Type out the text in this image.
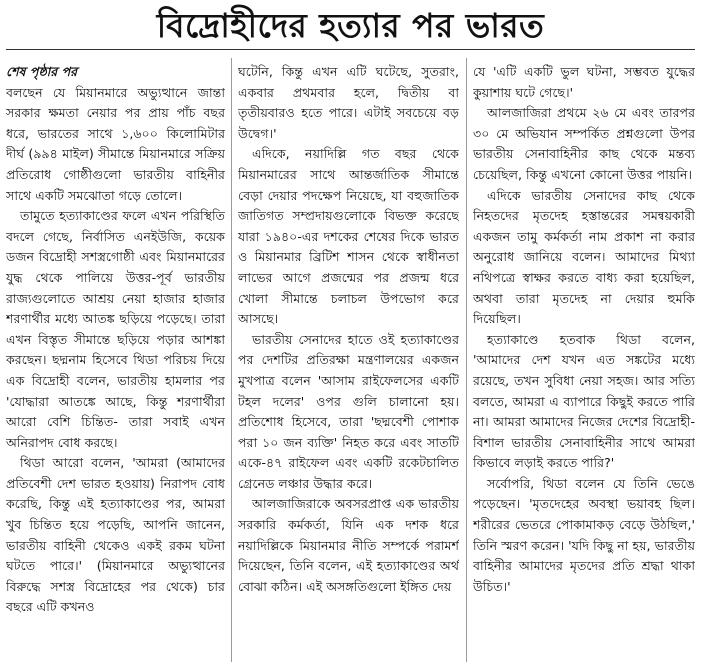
বিদ্রোহীদের হত্যার পর ভারত
শেষ পৃষ্ঠার পর

বলছেন যে মিয়ানমারে অভ্যুত্থানে জান্তা সরকার ক্ষমতা নেয়ার পর প্রায় পাঁচ বছর ধরে, ভারতের সাথে ১,৬০০ কিলোমিটার দীর্ঘ (৯৯৪ মাইল) সীমান্তে মিয়ানমারে সক্রিয় প্রতিরোধ গোষ্ঠীগুলো ভারতীয় বাহিনীর সাথে একটি সমঝোতা গড়ে তোলে।

তামুতে হত্যাকাণ্ডের ফলে এখন পরিস্থিতি বদলে গেছে, নির্বাসিত এনইউজি, কয়েক ডজন বিদ্রোহী সশস্ত্রগোষ্ঠী এবং মিয়ানমারের যুদ্ধ থেকে পালিয়ে উত্তর-পূর্ব ভারতীয় রাজ্যগুলোতে আশ্রয় নেয়া হাজার হাজার শরণার্থীর মধ্যে আতঙ্ক ছড়িয়ে পড়েছে। তারা এখন বিস্তৃত সীমান্তে ছড়িয়ে পড়ার আশঙ্কা করছেন। ছদ্মনাম হিসেবে থিডা পরিচয় দিয়ে এক বিদ্রোহী বলেন, ভারতীয় হামলার পর 'যোদ্ধারা আতঙ্কে আছে, কিন্তু শরণার্থীরা আরো বেশি চিন্তিত- তারা সবাই এখন অনিরাপদ বোধ করছে।

থিডা আরো বলেন, 'আমরা (আমাদের প্রতিবেশী দেশ ভারত হওয়ায়) নিরাপদ বোধ করেছি, কিন্তু এই হত্যাকাণ্ডের পর, আমরা খুব চিন্তিত হয়ে পড়েছি, আপনি জানেন, ভারতীয় বাহিনী থেকেও একই রকম ঘটনা ঘটতে পারে।' (মিয়ানমারে অভ্যুত্থানের বিরুদ্ধে সশস্ত্র বিদ্রোহের পর থেকে) চার বছরে এটি কখনও

ঘটেনি, কিন্তু এখন এটি ঘটেছে, সুতরাং, একবার প্রথমবার হলে, দ্বিতীয় বা তৃতীয়বারও হতে পারে। এটাই সবচেয়ে বড় উদ্বেগ।'

এদিকে, নয়াদিল্লি গত বছর থেকে মিয়ানমারের সাথে আন্তর্জাতিক সীমান্তে বেড়া দেয়ার পদক্ষেপ নিয়েছে, যা বহুজাতিক জাতিগত সম্প্রদায়গুলোকে বিভক্ত করেছে যারা ১৯৪০-এর দশকের শেষের দিকে ভারত ও মিয়ানমার ব্রিটিশ শাসন থেকে স্বাধীনতা লাভের আগে প্রজন্মের পর প্রজন্ম ধরে খোলা সীমান্তে চলাচল উপভোগ করে আসছে।

ভারতীয় সেনাদের হাতে ওই হত্যাকাণ্ডের পর দেশটির প্রতিরক্ষা মন্ত্রণালয়ের একজন মুখপাত্র বলেন 'আসাম রাইফেলসের একটি টহল দলের' ওপর গুলি চালানো হয়। প্রতিশোধ হিসেবে, তারা 'ছদ্মবেশী পোশাক পরা ১০ জন ব্যক্তি' নিহত করে এবং সাতটি একে-৪৭ রাইফেল এবং একটি রকেটচালিত গ্রেনেড লঞ্চার উদ্ধার করে।

আলজাজিরাকে অবসরপ্রাপ্ত এক ভারতীয় সরকারি কর্মকর্তা, যিনি এক দশক ধরে নয়াদিল্লিকে মিয়ানমার নীতি সম্পর্কে পরামর্শ দিয়েছেন, তিনি বলেন, এই হত্যাকাণ্ডের অর্থ বোঝা কঠিন। এই অসঙ্গতিগুলো ইঙ্গিত দেয়

যে 'এটি একটি ভুল ঘটনা, সম্ভবত যুদ্ধের কুয়াশায় ঘটে গেছে।'

আলজাজিরা প্রথমে ২৬ মে এবং তারপর ৩০ মে অভিযান সম্পর্কিত প্রশ্নগুলো উপর ভারতীয় সেনাবাহিনীর কাছ থেকে মন্তব্য চেয়েছিল, কিন্তু এখনো কোনো উত্তর পায়নি।

এদিকে ভারতীয় সেনাদের কাছ থেকে নিহতদের মৃতদেহ হস্তান্তরের সমন্বয়কারী একজন তামু কর্মকর্তা নাম প্রকাশ না করার অনুরোধ জানিয়ে বলেন। আমাদের মিথ্যা নথিপত্রে স্বাক্ষর করতে বাধ্য করা হয়েছিল, অথবা তারা মৃতদেহ না দেয়ার হুমকি দিয়েছিল।

হত্যাকাণ্ডে হতবাক থিডা বলেন, 'আমাদের দেশ যখন এত সঙ্কটের মধ্যে রয়েছে, তখন সুবিধা নেয়া সহজ। আর সত্যি বলতে, আমরা এ ব্যাপারে কিছুই করতে পারি না। আমরা আমাদের নিজের দেশের বিদ্রোহী- বিশাল ভারতীয় সেনাবাহিনীর সাথে আমরা কিভাবে লড়াই করতে পারি?'

সর্বোপরি, থিডা বলেন যে তিনি ভেঙে পড়েছেন। 'মৃতদেহের অবস্থা ভয়াবহ ছিল। শরীরের ভেতরে পোকামাকড় বেড়ে উঠছিল,' তিনি স্মরণ করেন। 'যদি কিছু না হয়, ভারতীয় বাহিনীর আমাদের মৃতদের প্রতি শ্রদ্ধা থাকা উচিত।'
